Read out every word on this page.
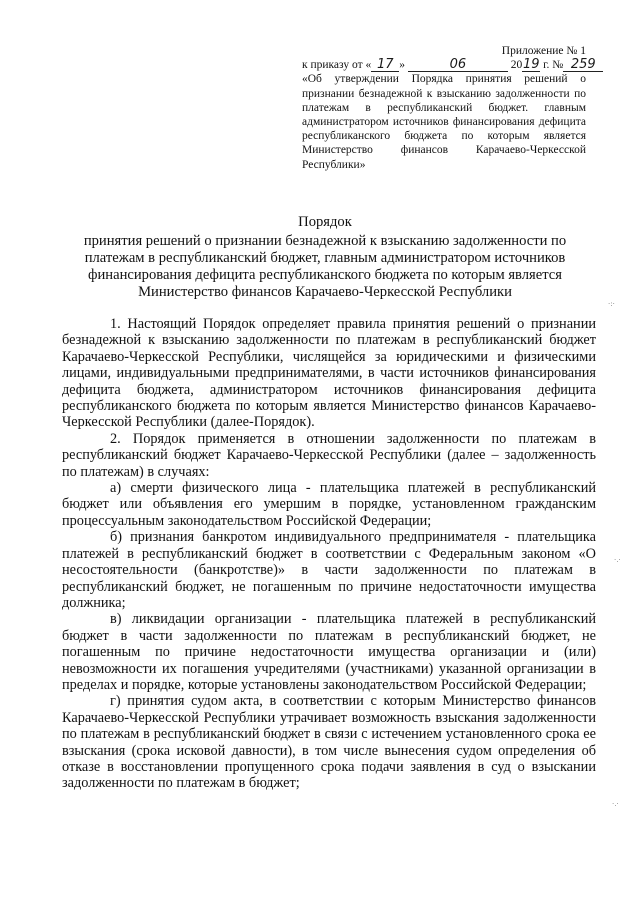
Приложение № 1
к приказу от « 17 »	06	2019 г. № 259
«Об утверждении Порядка принятия решений о признании безнадежной к взысканию задолженности по платежам в республиканский бюджет. главным администратором источников финансирования дефицита республиканского бюджета по которым является Министерство финансов Карачаево-Черкесской Республики»
Порядок
принятия решений о признании безнадежной к взысканию задолженности по платежам в республиканский бюджет, главным администратором источников финансирования дефицита республиканского бюджета по которым является Министерство финансов Карачаево-Черкесской Республики

1. Настоящий Порядок определяет правила принятия решений о признании безнадежной к взысканию задолженности по платежам в республиканский бюджет Карачаево-Черкесской Республики, числящейся за юридическими и физическими лицами, индивидуальными предпринимателями, в части источников финансирования дефицита бюджета, администратором источников финансирования дефицита республиканского бюджета по которым является Министерство финансов Карачаево-Черкесской Республики (далее-Порядок).

2. Порядок применяется в отношении задолженности по платежам в республиканский бюджет Карачаево-Черкесской Республики (далее – задолженность по платежам) в случаях:

а) смерти физического лица - плательщика платежей в республиканский бюджет или объявления его умершим в порядке, установленном гражданским процессуальным законодательством Российской Федерации;

б) признания банкротом индивидуального предпринимателя - плательщика платежей в республиканский бюджет в соответствии с Федеральным законом «О несостоятельности (банкротстве)» в части задолженности по платежам в республиканский бюджет, не погашенным по причине недостаточности имущества должника;

в) ликвидации организации - плательщика платежей в республиканский бюджет в части задолженности по платежам в республиканский бюджет, не погашенным по причине недостаточности имущества организации и (или) невозможности их погашения учредителями (участниками) указанной организации в пределах и порядке, которые установлены законодательством Российской Федерации;

г) принятия судом акта, в соответствии с которым Министерство финансов Карачаево-Черкесской Республики утрачивает возможность взыскания задолженности по платежам в республиканский бюджет в связи с истечением установленного срока ее взыскания (срока исковой давности), в том числе вынесения судом определения об отказе в восстановлении пропущенного срока подачи заявления в суд о взыскании задолженности по платежам в бюджет;

·:·
·.·
·.·
